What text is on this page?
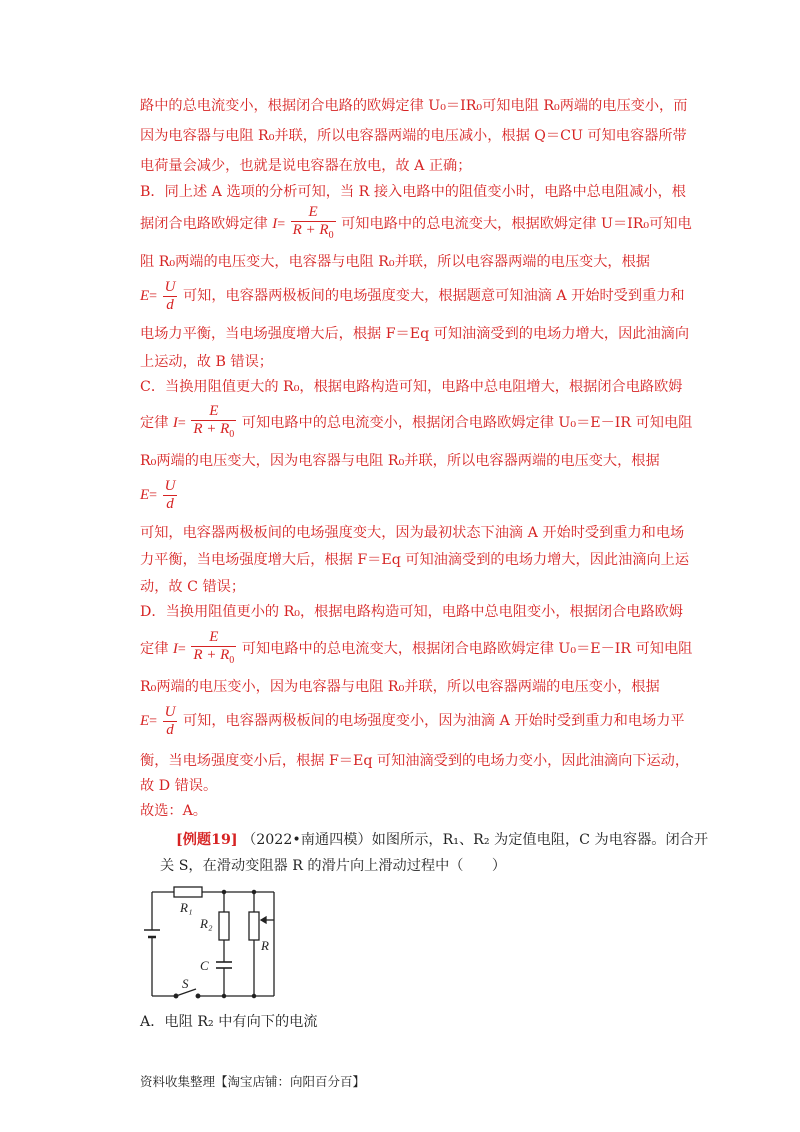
路中的总电流变小，根据闭合电路的欧姆定律 U₀＝IR₀可知电阻 R₀两端的电压变小，而
因为电容器与电阻 R₀并联，所以电容器两端的电压减小，根据 Q＝CU 可知电容器所带
电荷量会减少，也就是说电容器在放电，故 A 正确；
B．同上述 A 选项的分析可知，当 R 接入电路中的阻值变小时，电路中总电阻减小，根
据闭合电路欧姆定律 $I= \frac{E}{R + R_0}$ 可知电路中的总电流变大，根据欧姆定律 U＝IR₀可知电
阻 R₀两端的电压变大，电容器与电阻 R₀并联，所以电容器两端的电压变大，根据
$E= \frac{U}{d}$ 可知，电容器两极板间的电场强度变大，根据题意可知油滴 A 开始时受到重力和
电场力平衡，当电场强度增大后，根据 F＝Eq 可知油滴受到的电场力增大，因此油滴向
上运动，故 B 错误；
C．当换用阻值更大的 R₀，根据电路构造可知，电路中总电阻增大，根据闭合电路欧姆
定律 $I= \frac{E}{R + R_0}$ 可知电路中的总电流变小，根据闭合电路欧姆定律 U₀＝E－IR 可知电阻
R₀两端的电压变大，因为电容器与电阻 R₀并联，所以电容器两端的电压变大，根据
$E= \frac{U}{d}$
可知，电容器两极板间的电场强度变大，因为最初状态下油滴 A 开始时受到重力和电场
力平衡，当电场强度增大后，根据 F＝Eq 可知油滴受到的电场力增大，因此油滴向上运
动，故 C 错误；
D．当换用阻值更小的 R₀，根据电路构造可知，电路中总电阻变小，根据闭合电路欧姆
定律 $I= \frac{E}{R + R_0}$ 可知电路中的总电流变大，根据闭合电路欧姆定律 U₀＝E－IR 可知电阻
R₀两端的电压变小，因为电容器与电阻 R₀并联，所以电容器两端的电压变小，根据
$E= \frac{U}{d}$ 可知，电容器两极板间的电场强度变小，因为油滴 A 开始时受到重力和电场力平
衡，当电场强度变小后，根据 F＝Eq 可知油滴受到的电场力变小，因此油滴向下运动，
故 D 错误。
故选：A。
[例题19] （2022•南通四模）如图所示，R₁、R₂ 为定值电阻，C 为电容器。闭合开
关 S，在滑动变阻器 R 的滑片向上滑动过程中（　　）
R₁
R₂
R
C
S
A．电阻 R₂ 中有向下的电流
资料收集整理【淘宝店铺：向阳百分百】
